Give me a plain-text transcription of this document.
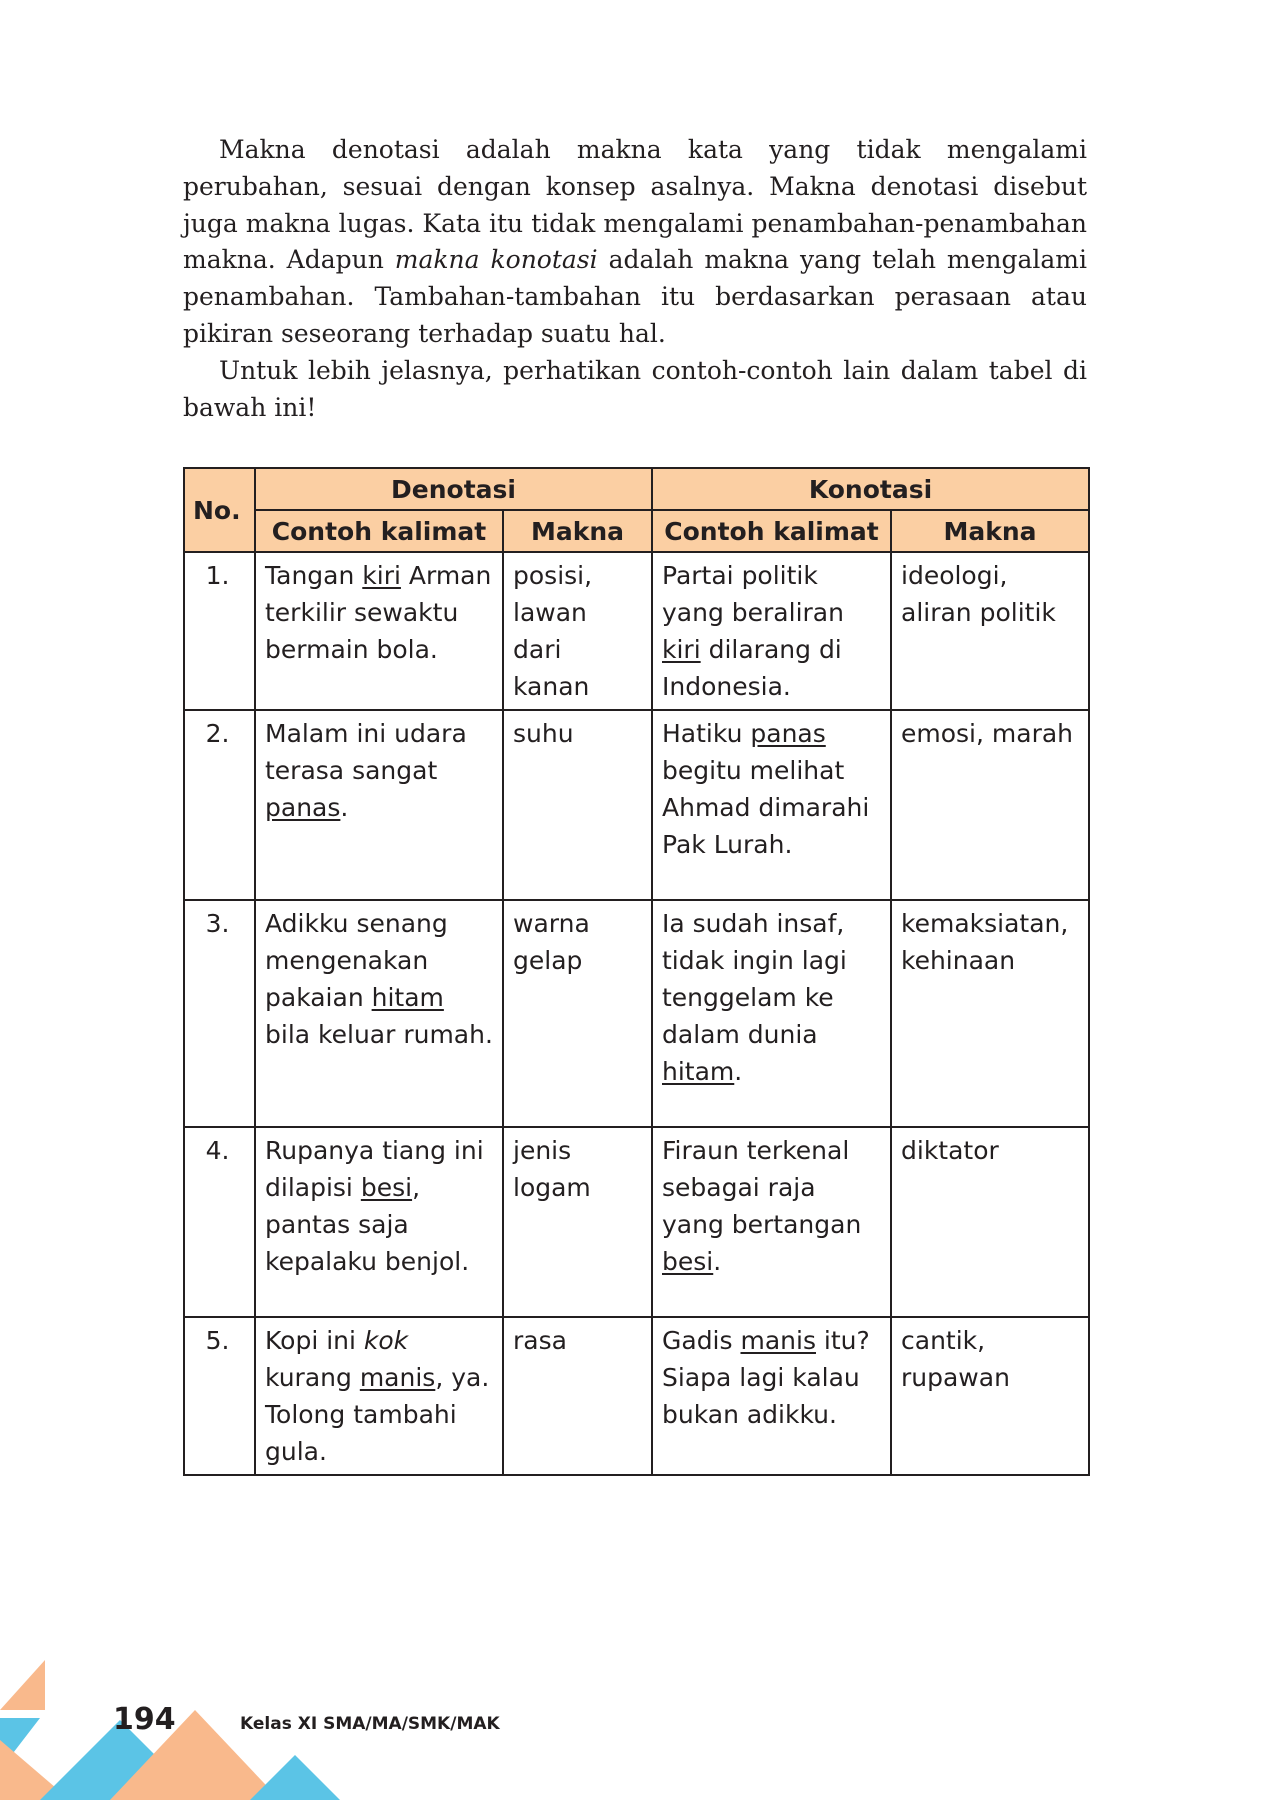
Makna denotasi adalah makna kata yang tidak mengalami perubahan, sesuai dengan konsep asalnya. Makna denotasi disebut juga makna lugas. Kata itu tidak mengalami penambahan-penambahan makna. Adapun makna konotasi adalah makna yang telah mengalami penambahan. Tambahan-tambahan itu berdasarkan perasaan atau pikiran seseorang terhadap suatu hal.

Untuk lebih jelasnya, perhatikan contoh-contoh lain dalam tabel di bawah ini!

No.	Denotasi		Konotasi	
	Contoh kalimat	Makna	Contoh kalimat	Makna
1.	Tangan kiri Arman terkilir sewaktu bermain bola.	posisi, lawan dari kanan	Partai politik yang beraliran kiri dilarang di Indonesia.	ideologi, aliran politik
2.	Malam ini udara terasa sangat panas.	suhu	Hatiku panas begitu melihat Ahmad dimarahi Pak Lurah.	emosi, marah
3.	Adikku senang mengenakan pakaian hitam bila keluar rumah.	warna gelap	Ia sudah insaf, tidak ingin lagi tenggelam ke dalam dunia hitam.	kemaksiatan, kehinaan
4.	Rupanya tiang ini dilapisi besi, pantas saja kepalaku benjol.	jenis logam	Firaun terkenal sebagai raja yang bertangan besi.	diktator
5.	Kopi ini kok kurang manis, ya. Tolong tambahi gula.	rasa	Gadis manis itu? Siapa lagi kalau bukan adikku.	cantik, rupawan
194	Kelas XI SMA/MA/SMK/MAK
